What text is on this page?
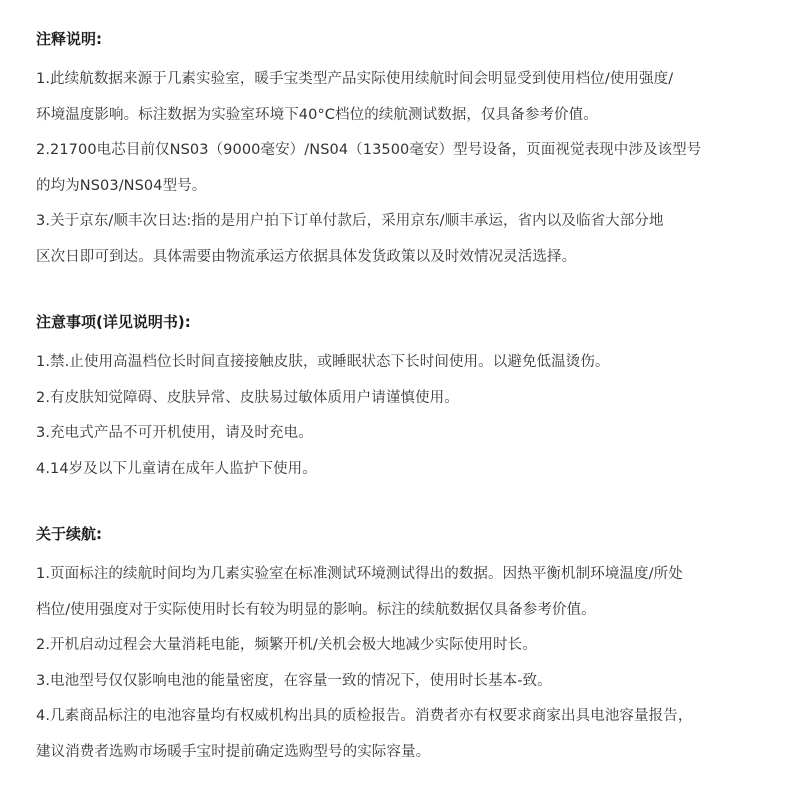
注释说明:
1.此续航数据来源于几素实验室，暖手宝类型产品实际使用续航时间会明显受到使用档位/使用强度/
环境温度影响。标注数据为实验室环境下40°C档位的续航测试数据，仅具备参考价值。
2.21700电芯目前仅NS03（9000毫安）/NS04（13500毫安）型号设备，页面视觉表现中涉及该型号
的均为NS03/NS04型号。
3.关于京东/顺丰次日达:指的是用户拍下订单付款后，采用京东/顺丰承运，省内以及临省大部分地
区次日即可到达。具体需要由物流承运方依据具体发货政策以及时效情况灵活选择。
注意事项(详见说明书):
1.禁.止使用高温档位长时间直接接触皮肤，或睡眠状态下长时间使用。以避免低温烫伤。
2.有皮肤知觉障碍、皮肤异常、皮肤易过敏体质用户请谨慎使用。
3.充电式产品不可开机使用，请及时充电。
4.14岁及以下儿童请在成年人监护下使用。
关于续航:
1.页面标注的续航时间均为几素实验室在标准测试环境测试得出的数据。因热平衡机制环境温度/所处
档位/使用强度对于实际使用时长有较为明显的影响。标注的续航数据仅具备参考价值。
2.开机启动过程会大量消耗电能，频繁开机/关机会极大地减少实际使用时长。
3.电池型号仅仅影响电池的能量密度，在容量一致的情况下，使用时长基本-致。
4.几素商品标注的电池容量均有权威机构出具的质检报告。消费者亦有权要求商家出具电池容量报告，
建议消费者选购市场暖手宝时提前确定选购型号的实际容量。
